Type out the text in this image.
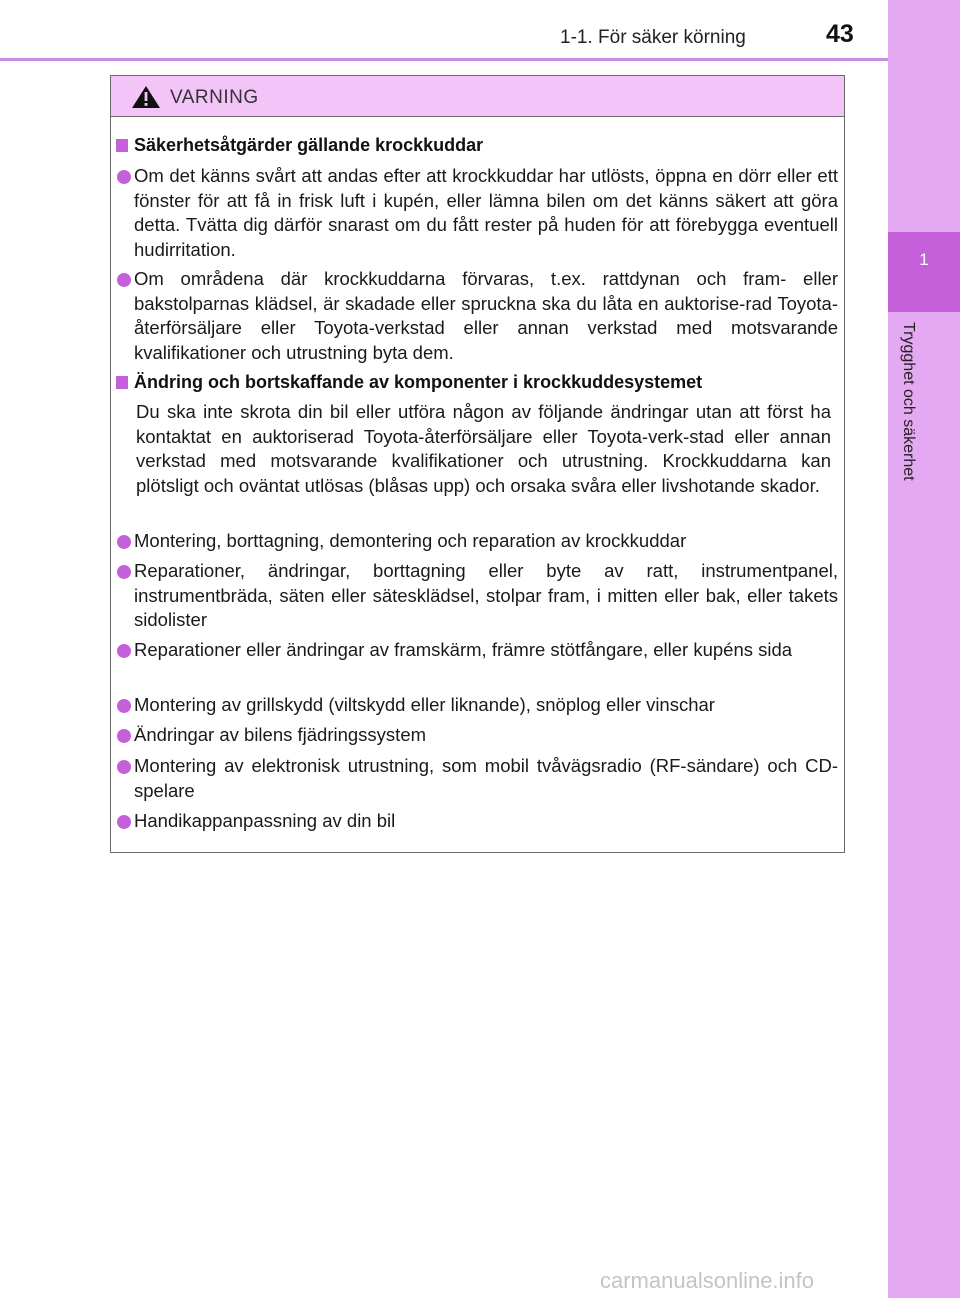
1
Trygghet och säkerhet
1-1. För säker körning	43
VARNING
Säkerhetsåtgärder gällande krockkuddar
Om det känns svårt att andas efter att krockkuddar har utlösts, öppna en dörr eller ett fönster för att få in frisk luft i kupén, eller lämna bilen om det känns säkert att göra detta. Tvätta dig därför snarast om du fått rester på huden för att förebygga eventuell hudirritation.
Om områdena där krockkuddarna förvaras, t.ex. rattdynan och fram- eller bakstolparnas klädsel, är skadade eller spruckna ska du låta en auktorise-rad Toyota-återförsäljare eller Toyota-verkstad eller annan verkstad med motsvarande kvalifikationer och utrustning byta dem.
Ändring och bortskaffande av komponenter i krockkuddesystemet
Du ska inte skrota din bil eller utföra någon av följande ändringar utan att först ha kontaktat en auktoriserad Toyota-återförsäljare eller Toyota-verk-stad eller annan verkstad med motsvarande kvalifikationer och utrustning. Krockkuddarna kan plötsligt och oväntat utlösas (blåsas upp) och orsaka svåra eller livshotande skador.
Montering, borttagning, demontering och reparation av krockkuddar
Reparationer, ändringar, borttagning eller byte av ratt, instrumentpanel, instrumentbräda, säten eller sätesklädsel, stolpar fram, i mitten eller bak, eller takets sidolister
Reparationer eller ändringar av framskärm, främre stötfångare, eller kupéns sida
Montering av grillskydd (viltskydd eller liknande), snöplog eller vinschar
Ändringar av bilens fjädringssystem
Montering av elektronisk utrustning, som mobil tvåvägsradio (RF-sändare) och CD-spelare
Handikappanpassning av din bil
carmanualsonline.info
